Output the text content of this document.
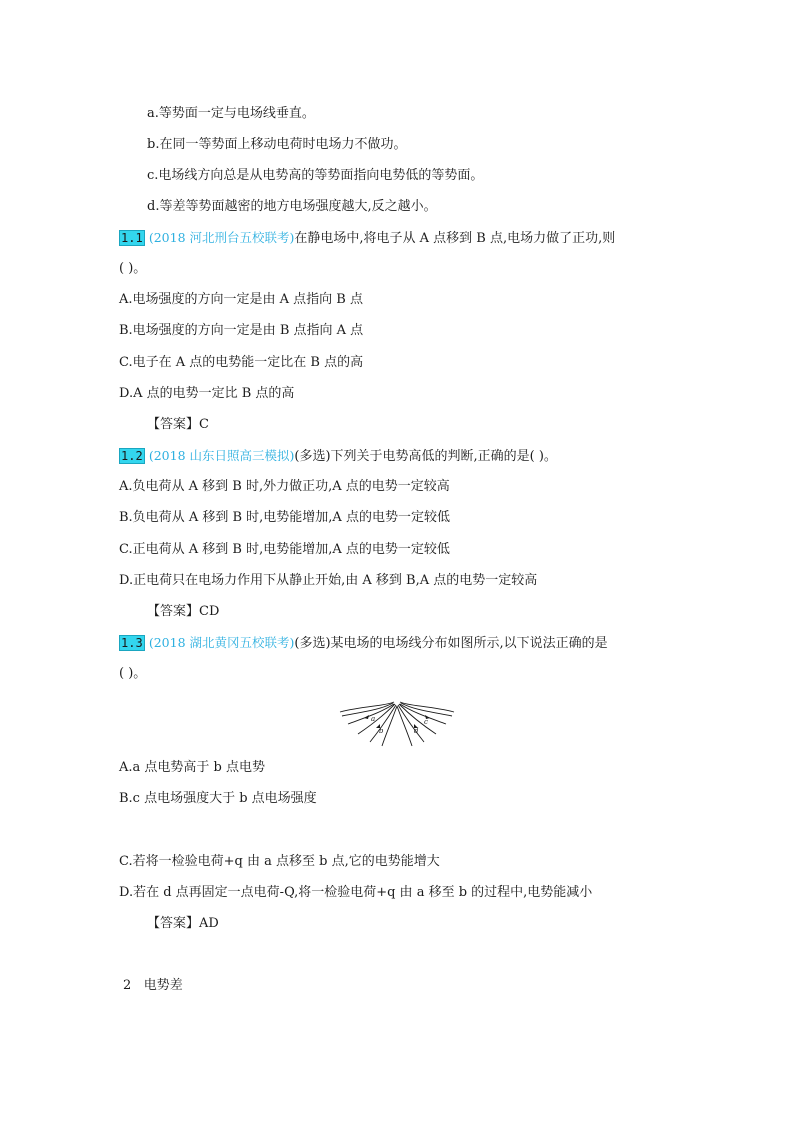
a.等势面一定与电场线垂直。
b.在同一等势面上移动电荷时电场力不做功。
c.电场线方向总是从电势高的等势面指向电势低的等势面。
d.等差等势面越密的地方电场强度越大,反之越小。
1.1 (2018 河北刑台五校联考)在静电场中,将电子从 A 点移到 B 点,电场力做了正功,则
( )。
A.电场强度的方向一定是由 A 点指向 B 点
B.电场强度的方向一定是由 B 点指向 A 点
C.电子在 A 点的电势能一定比在 B 点的高
D.A 点的电势一定比 B 点的高
【答案】C
1.2 (2018 山东日照高三模拟)(多选)下列关于电势高低的判断,正确的是( )。
A.负电荷从 A 移到 B 时,外力做正功,A 点的电势一定较高
B.负电荷从 A 移到 B 时,电势能增加,A 点的电势一定较低
C.正电荷从 A 移到 B 时,电势能增加,A 点的电势一定较低
D.正电荷只在电场力作用下从静止开始,由 A 移到 B,A 点的电势一定较高
【答案】CD
1.3 (2018 湖北黄冈五校联考)(多选)某电场的电场线分布如图所示,以下说法正确的是
( )。
a
b
c
d
A.a 点电势高于 b 点电势
B.c 点电场强度大于 b 点电场强度
C.若将一检验电荷+q 由 a 点移至 b 点,它的电势能增大
D.若在 d 点再固定一点电荷-Q,将一检验电荷+q 由 a 移至 b 的过程中,电势能减小
【答案】AD
2 电势差
